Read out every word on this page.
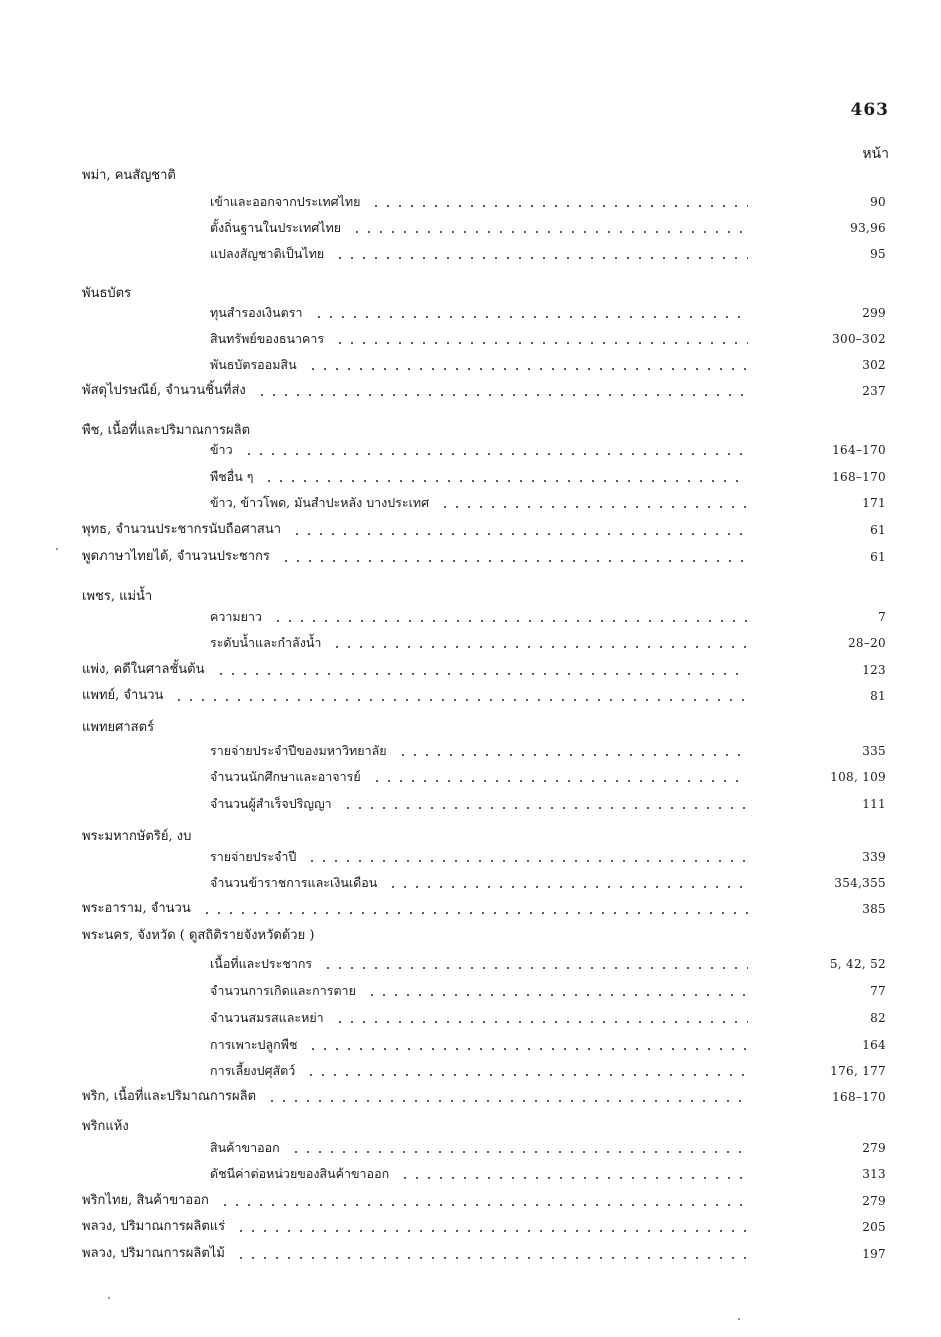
463
หน้า
พม่า, คนสัญชาติ
เข้าและออกจากประเทศไทย	90
ตั้งถิ่นฐานในประเทศไทย	93,96
แปลงสัญชาติเป็นไทย	95
พันธบัตร
ทุนสำรองเงินตรา	299
สินทรัพย์ของธนาคาร	300–302
พันธบัตรออมสิน	302
พัสดุไปรษณีย์, จำนวนชิ้นที่ส่ง	237
พืช, เนื้อที่และปริมาณการผลิต
ข้าว	164–170
พืชอื่น ๆ	168–170
ข้าว, ข้าวโพด, มันสำปะหลัง บางประเทศ	171
พุทธ, จำนวนประชากรนับถือศาสนา	61
พูดภาษาไทยได้, จำนวนประชากร	61
เพชร, แม่น้ำ
ความยาว	7
ระดับน้ำและกำลังน้ำ	28–20
แพ่ง, คดีในศาลชั้นต้น	123
แพทย์, จำนวน	81
แพทยศาสตร์
รายจ่ายประจำปีของมหาวิทยาลัย	335
จำนวนนักศึกษาและอาจารย์	108, 109
จำนวนผู้สำเร็จปริญญา	111
พระมหากษัตริย์, งบ
รายจ่ายประจำปี	339
จำนวนข้าราชการและเงินเดือน	354,355
พระอาราม, จำนวน	385
พระนคร, จังหวัด ( ดูสถิติรายจังหวัดด้วย )
เนื้อที่และประชากร	5, 42, 52
จำนวนการเกิดและการตาย	77
จำนวนสมรสและหย่า	82
การเพาะปลูกพืช	164
การเลี้ยงปศุสัตว์	176, 177
พริก, เนื้อที่และปริมาณการผลิต	168–170
พริกแห้ง
สินค้าขาออก	279
ดัชนีค่าต่อหน่วยของสินค้าขาออก	313
พริกไทย, สินค้าขาออก	279
พลวง, ปริมาณการผลิตแร่	205
พลวง, ปริมาณการผลิตไม้	197
